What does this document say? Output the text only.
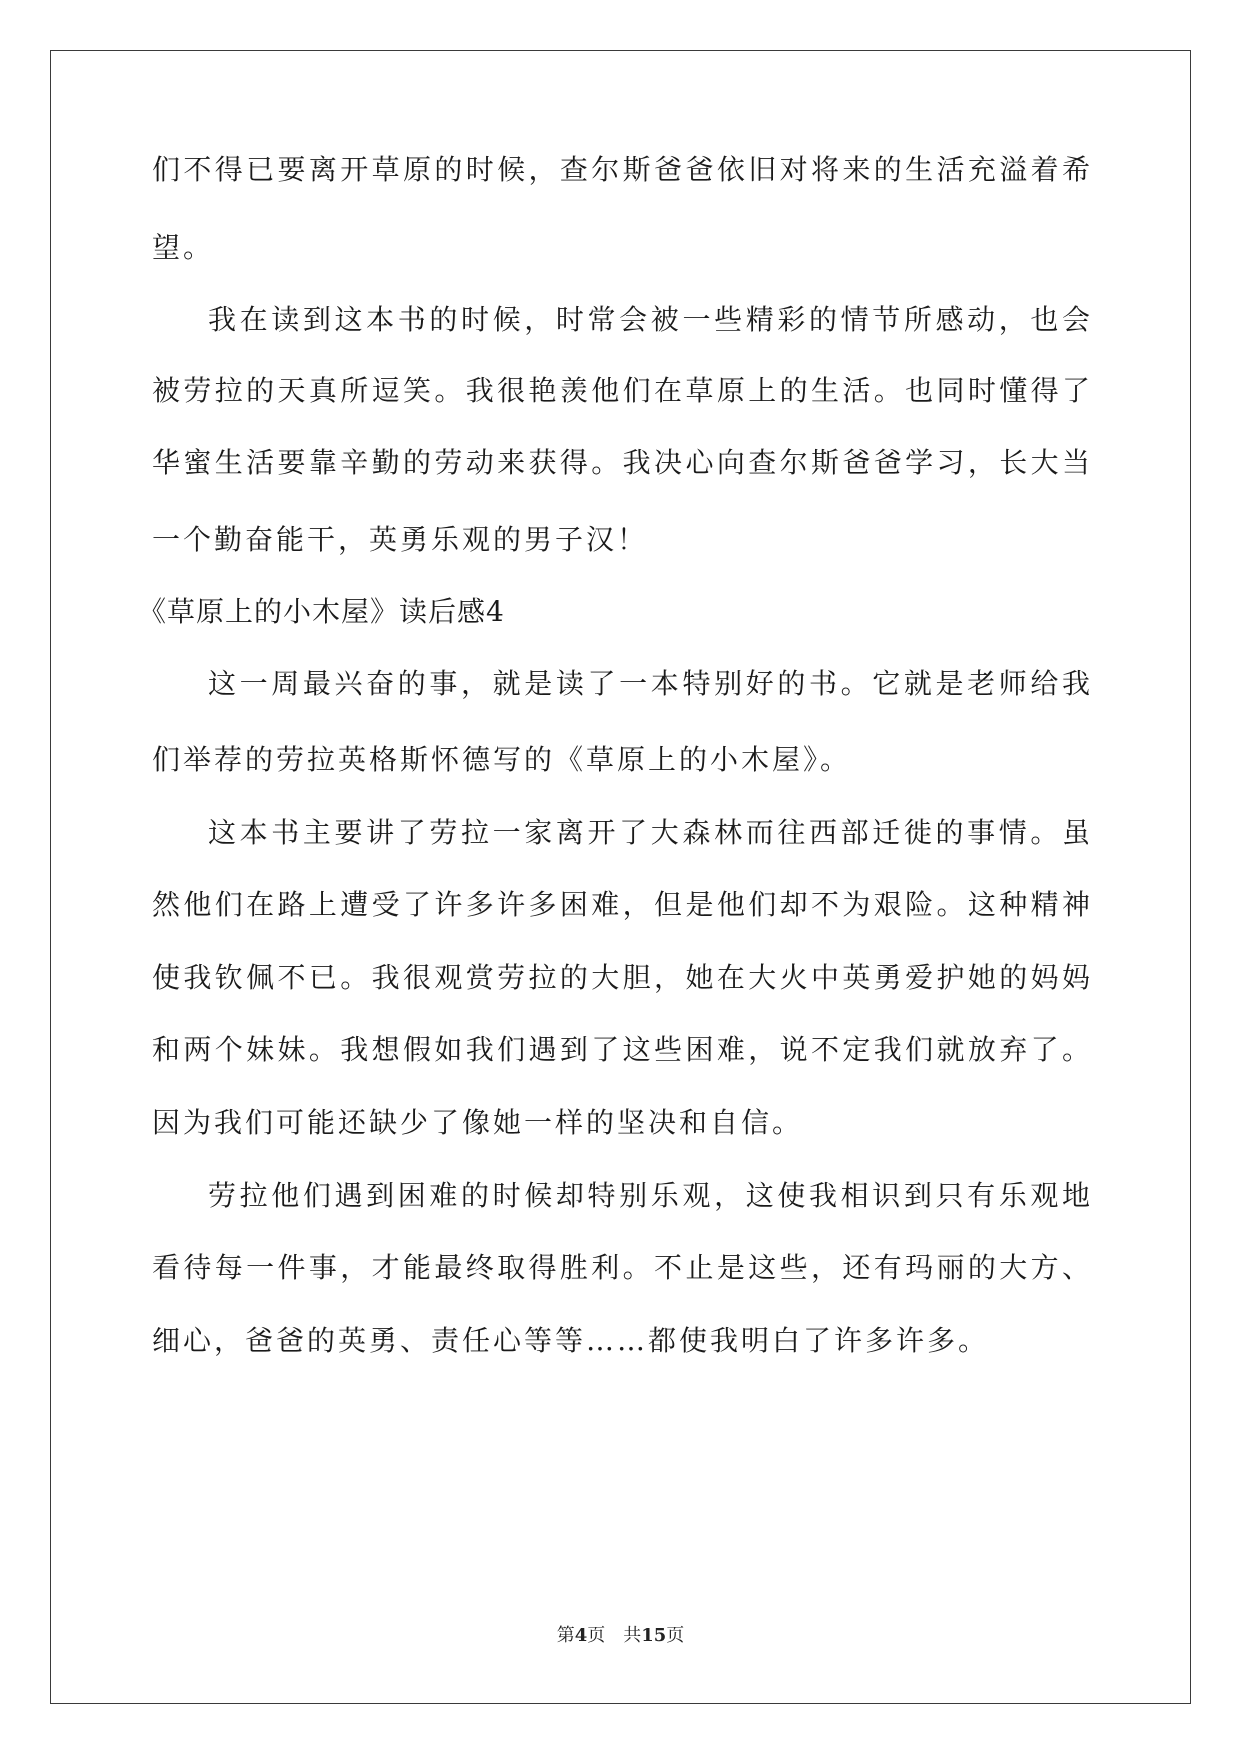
们不得已要离开草原的时候，查尔斯爸爸依旧对将来的生活充溢着希
望。
我在读到这本书的时候，时常会被一些精彩的情节所感动，也会
被劳拉的天真所逗笑。我很艳羡他们在草原上的生活。也同时懂得了
华蜜生活要靠辛勤的劳动来获得。我决心向查尔斯爸爸学习，长大当
一个勤奋能干，英勇乐观的男子汉！
《草原上的小木屋》读后感4
这一周最兴奋的事，就是读了一本特别好的书。它就是老师给我
们举荐的劳拉英格斯怀德写的《草原上的小木屋》。
这本书主要讲了劳拉一家离开了大森林而往西部迁徙的事情。虽
然他们在路上遭受了许多许多困难，但是他们却不为艰险。这种精神
使我钦佩不已。我很观赏劳拉的大胆，她在大火中英勇爱护她的妈妈
和两个妹妹。我想假如我们遇到了这些困难，说不定我们就放弃了。
因为我们可能还缺少了像她一样的坚决和自信。
劳拉他们遇到困难的时候却特别乐观，这使我相识到只有乐观地
看待每一件事，才能最终取得胜利。不止是这些，还有玛丽的大方、
细心，爸爸的英勇、责任心等等……都使我明白了许多许多。
第4页 共15页
